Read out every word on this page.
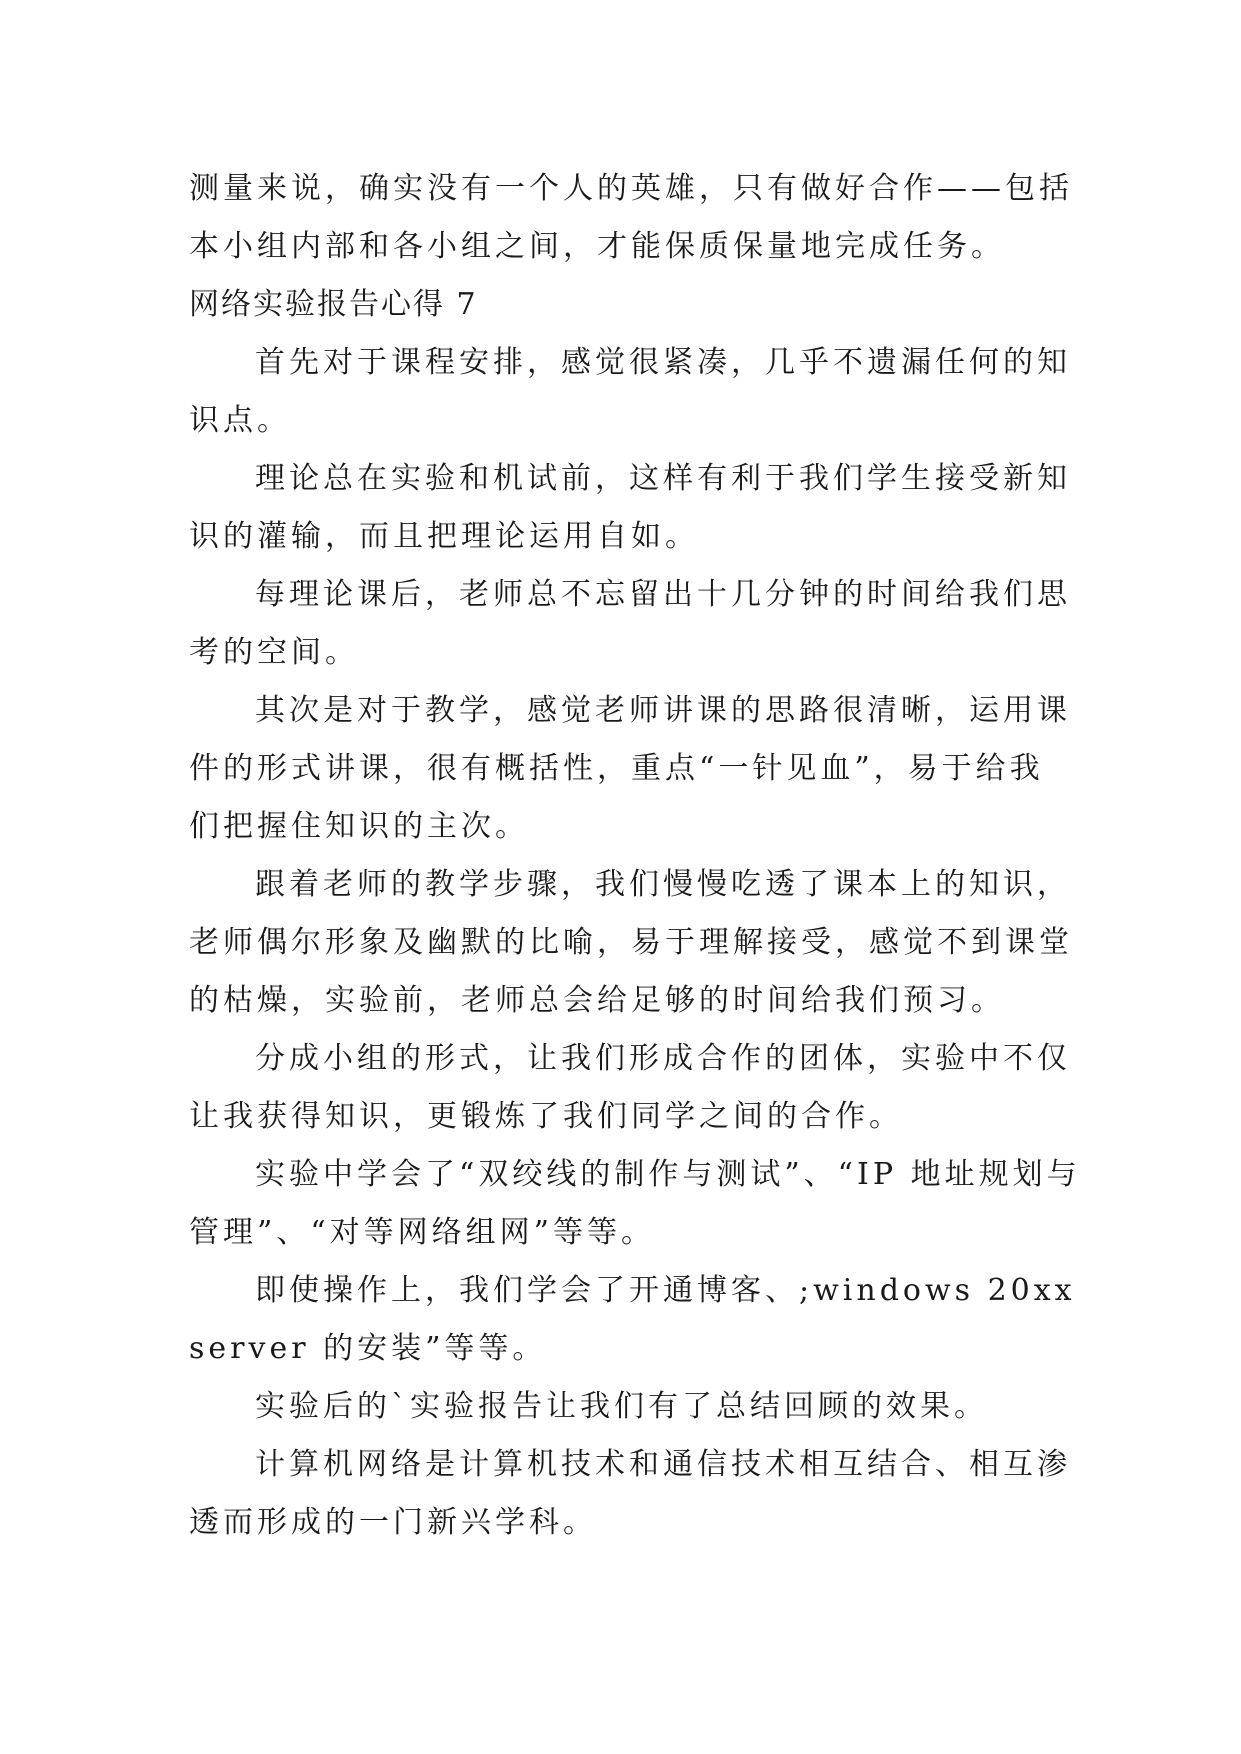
测量来说，确实没有一个人的英雄，只有做好合作——包括
本小组内部和各小组之间，才能保质保量地完成任务。
网络实验报告心得 7
首先对于课程安排，感觉很紧凑，几乎不遗漏任何的知
识点。
理论总在实验和机试前，这样有利于我们学生接受新知
识的灌输，而且把理论运用自如。
每理论课后，老师总不忘留出十几分钟的时间给我们思
考的空间。
其次是对于教学，感觉老师讲课的思路很清晰，运用课
件的形式讲课，很有概括性，重点“一针见血”，易于给我
们把握住知识的主次。
跟着老师的教学步骤，我们慢慢吃透了课本上的知识，
老师偶尔形象及幽默的比喻，易于理解接受，感觉不到课堂
的枯燥，实验前，老师总会给足够的时间给我们预习。
分成小组的形式，让我们形成合作的团体，实验中不仅
让我获得知识，更锻炼了我们同学之间的合作。
实验中学会了“双绞线的制作与测试”、“IP 地址规划与
管理”、“对等网络组网”等等。
即使操作上，我们学会了开通博客、;windows 20xx
server 的安装”等等。
实验后的`实验报告让我们有了总结回顾的效果。
计算机网络是计算机技术和通信技术相互结合、相互渗
透而形成的一门新兴学科。
